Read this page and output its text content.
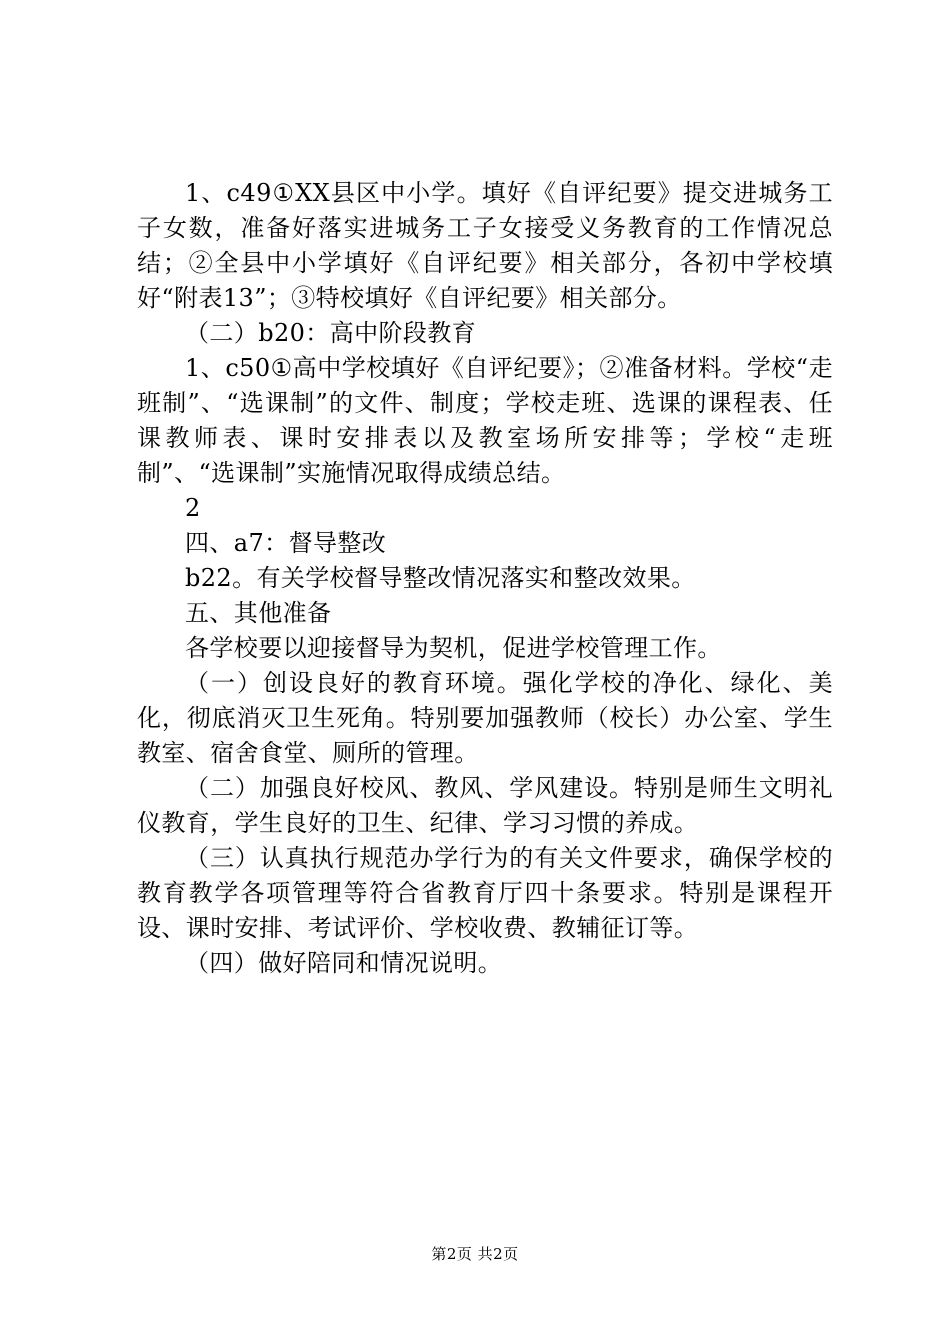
1、c49①XX县区中小学。填好《自评纪要》提交进城务工子女数，准备好落实进城务工子女接受义务教育的工作情况总结；②全县中小学填好《自评纪要》相关部分，各初中学校填好“附表13”；③特校填好《自评纪要》相关部分。

（二）b20：高中阶段教育

1、c50①高中学校填好《自评纪要》；②准备材料。学校“走班制”、“选课制”的文件、制度；学校走班、选课的课程表、任课教师表、课时安排表以及教室场所安排等；学校“走班制”、“选课制”实施情况取得成绩总结。

2

四、a7：督导整改

b22。有关学校督导整改情况落实和整改效果。

五、其他准备

各学校要以迎接督导为契机，促进学校管理工作。

（一）创设良好的教育环境。强化学校的净化、绿化、美化，彻底消灭卫生死角。特别要加强教师（校长）办公室、学生教室、宿舍食堂、厕所的管理。

（二）加强良好校风、教风、学风建设。特别是师生文明礼仪教育，学生良好的卫生、纪律、学习习惯的养成。

（三）认真执行规范办学行为的有关文件要求，确保学校的教育教学各项管理等符合省教育厅四十条要求。特别是课程开设、课时安排、考试评价、学校收费、教辅征订等。

（四）做好陪同和情况说明。

第2页 共2页
